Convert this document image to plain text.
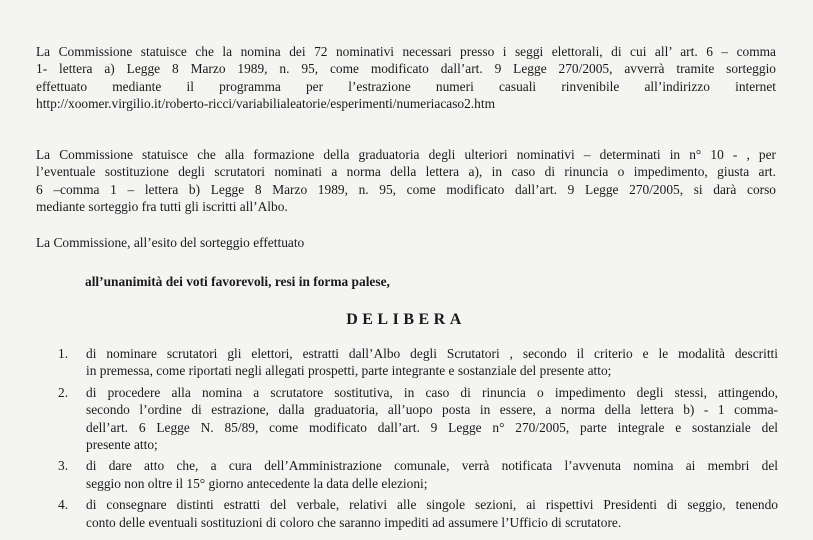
La Commissione statuisce che la nomina dei 72 nominativi necessari presso i seggi elettorali, di cui all’ art. 6 – comma
1- lettera a) Legge 8 Marzo 1989, n. 95, come modificato dall’art. 9 Legge 270/2005, avverrà tramite sorteggio
effettuato mediante il programma per l’estrazione numeri casuali rinvenibile all’indirizzo internet
http://xoomer.virgilio.it/roberto-ricci/variabilialeatorie/esperimenti/numeriacaso2.htm

La Commissione statuisce che alla formazione della graduatoria degli ulteriori nominativi – determinati in n° 10 - , per
l’eventuale sostituzione degli scrutatori nominati a norma della lettera a), in caso di rinuncia o impedimento, giusta art.
6 –comma 1 – lettera b) Legge 8 Marzo 1989, n. 95, come modificato dall’art. 9 Legge 270/2005, si darà corso
mediante sorteggio fra tutti gli iscritti all’Albo.

La Commissione, all’esito del sorteggio effettuato

all’unanimità dei voti favorevoli, resi in forma palese,

DELIBERA
1. di nominare scrutatori gli elettori, estratti dall’Albo degli Scrutatori , secondo il criterio e le modalità descritti
in premessa, come riportati negli allegati prospetti, parte integrante e sostanziale del presente atto;
2. di procedere alla nomina a scrutatore sostitutiva, in caso di rinuncia o impedimento degli stessi, attingendo,
secondo l’ordine di estrazione, dalla graduatoria, all’uopo posta in essere, a norma della lettera b) - 1 comma-
dell’art. 6 Legge N. 85/89, come modificato dall’art. 9 Legge n° 270/2005, parte integrale e sostanziale del
presente atto;
3. di dare atto che, a cura dell’Amministrazione comunale, verrà notificata l’avvenuta nomina ai membri del
seggio non oltre il 15° giorno antecedente la data delle elezioni;
4. di consegnare distinti estratti del verbale, relativi alle singole sezioni, ai rispettivi Presidenti di seggio, tenendo
conto delle eventuali sostituzioni di coloro che saranno impediti ad assumere l’Ufficio di scrutatore.
